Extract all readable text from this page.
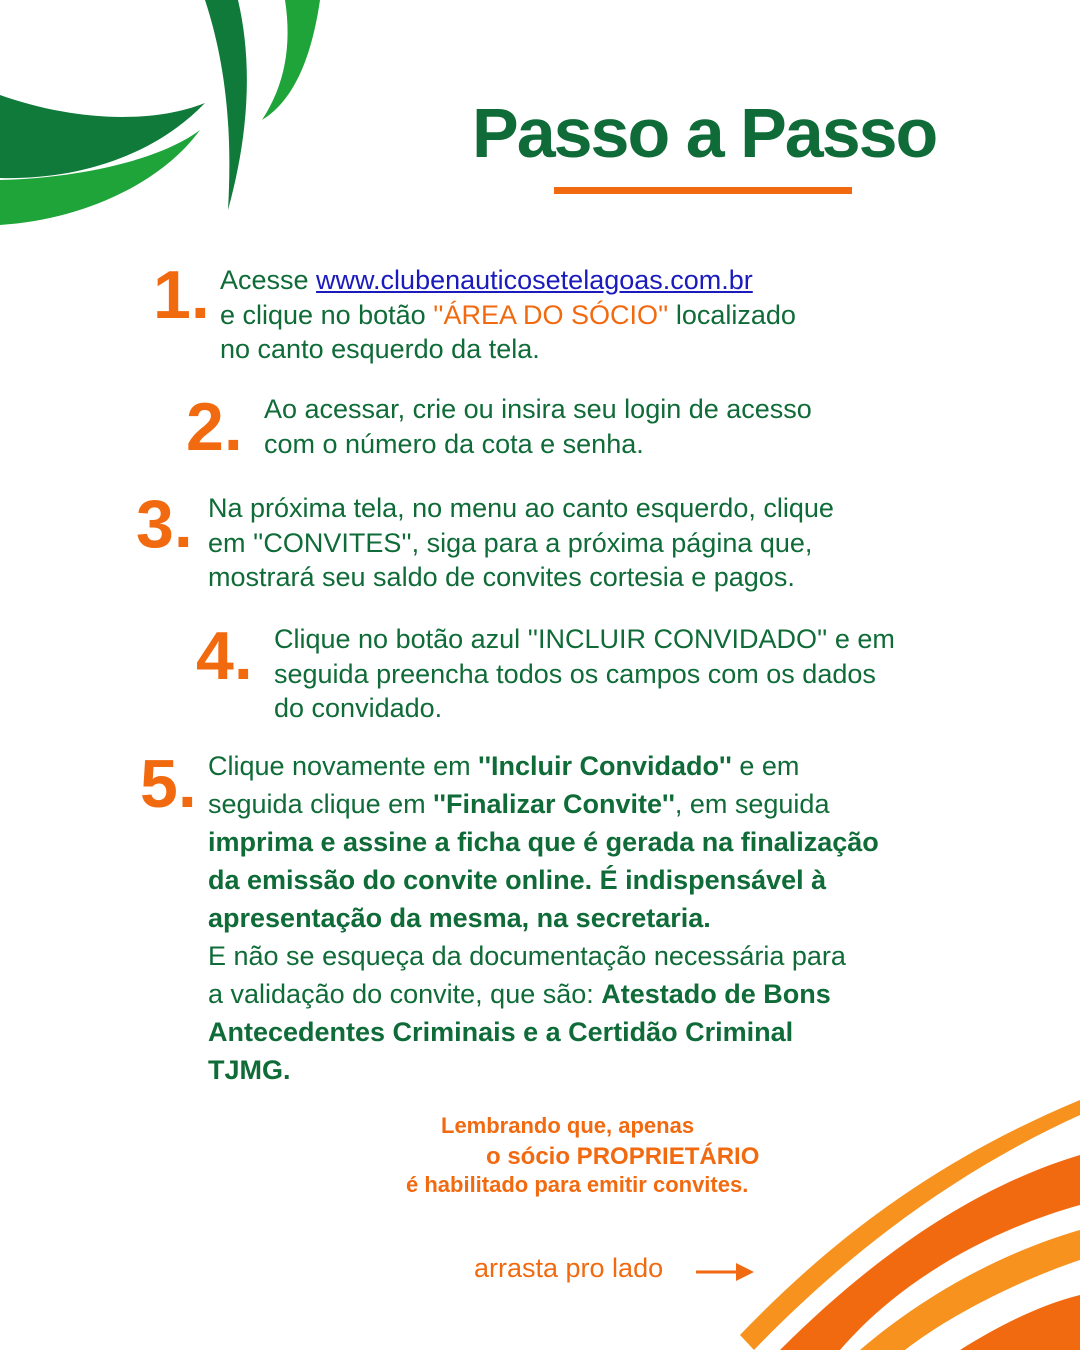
Passo a Passo
1. Acesse www.clubenauticosetelagoas.com.br
e clique no botão ''ÁREA DO SÓCIO'' localizado
no canto esquerdo da tela.
2. Ao acessar, crie ou insira seu login de acesso
com o número da cota e senha.
3. Na próxima tela, no menu ao canto esquerdo, clique
em ''CONVITES'', siga para a próxima página que,
mostrará seu saldo de convites cortesia e pagos.
4. Clique no botão azul ''INCLUIR CONVIDADO'' e em
seguida preencha todos os campos com os dados
do convidado.
5. Clique novamente em ''Incluir Convidado'' e em
seguida clique em ''Finalizar Convite'', em seguida
imprima e assine a ficha que é gerada na finalização
da emissão do convite online. É indispensável à
apresentação da mesma, na secretaria.
E não se esqueça da documentação necessária para
a validação do convite, que são: Atestado de Bons
Antecedentes Criminais e a Certidão Criminal
TJMG.
Lembrando que, apenas
o sócio PROPRIETÁRIO
é habilitado para emitir convites.
arrasta pro lado
